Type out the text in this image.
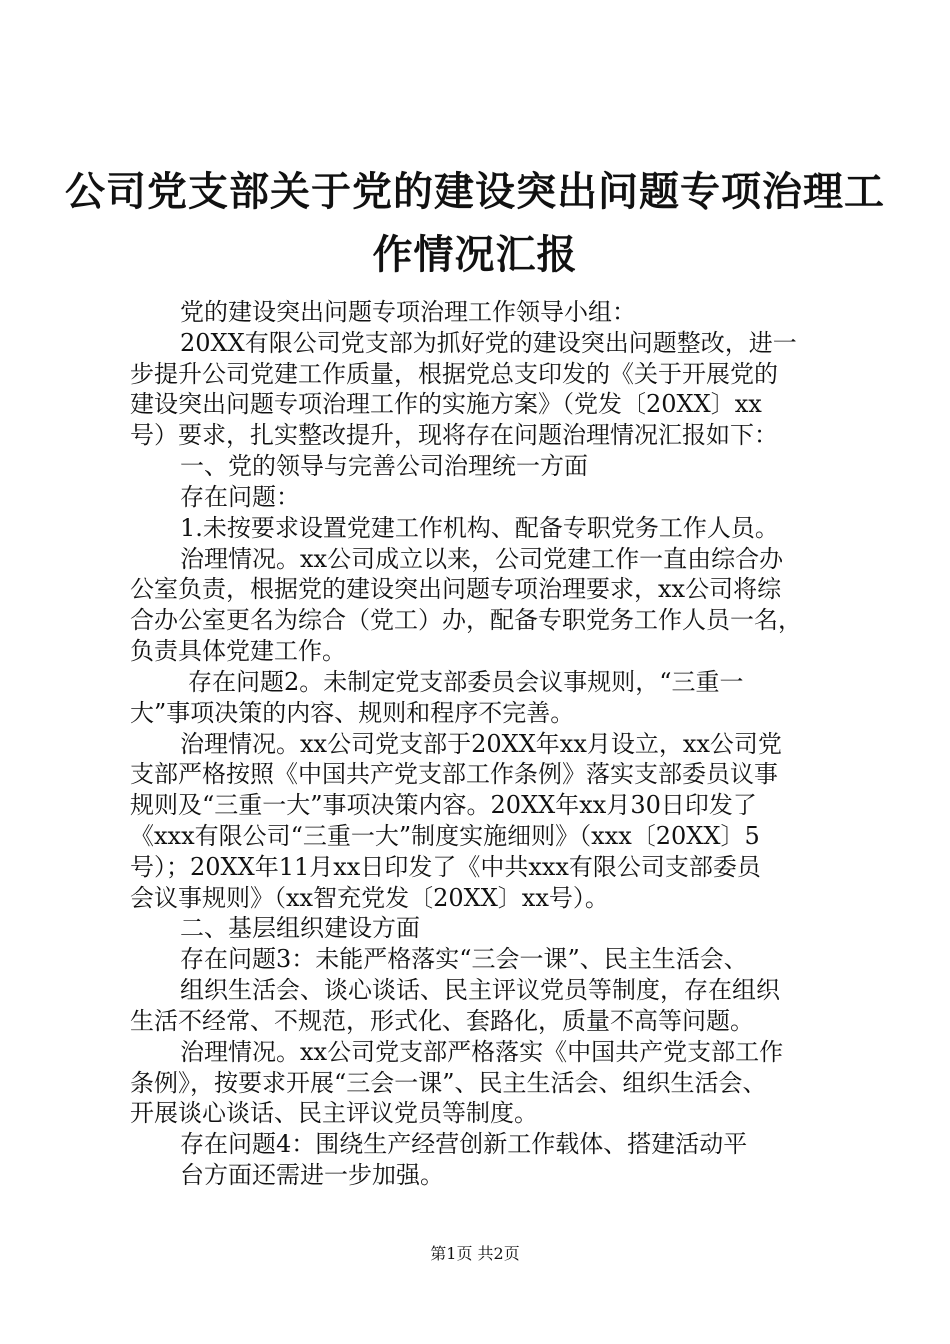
公司党支部关于党的建设突出问题专项治理工
作情况汇报
党的建设突出问题专项治理工作领导小组：
20XX有限公司党支部为抓好党的建设突出问题整改，进一
步提升公司党建工作质量，根据党总支印发的《关于开展党的
建设突出问题专项治理工作的实施方案》（党发〔20XX〕xx
号）要求，扎实整改提升，现将存在问题治理情况汇报如下：
一、党的领导与完善公司治理统一方面
存在问题：
1.未按要求设置党建工作机构、配备专职党务工作人员。
治理情况。xx公司成立以来，公司党建工作一直由综合办
公室负责，根据党的建设突出问题专项治理要求，xx公司将综
合办公室更名为综合（党工）办，配备专职党务工作人员一名，
负责具体党建工作。
存在问题2。未制定党支部委员会议事规则，“三重一
大”事项决策的内容、规则和程序不完善。
治理情况。xx公司党支部于20XX年xx月设立，xx公司党
支部严格按照《中国共产党支部工作条例》落实支部委员议事
规则及“三重一大”事项决策内容。20XX年xx月30日印发了
《xxx有限公司“三重一大”制度实施细则》（xxx〔20XX〕5
号）；20XX年11月xx日印发了《中共xxx有限公司支部委员
会议事规则》（xx智充党发〔20XX〕xx号）。
二、基层组织建设方面
存在问题3：未能严格落实“三会一课”、民主生活会、
组织生活会、谈心谈话、民主评议党员等制度，存在组织
生活不经常、不规范，形式化、套路化，质量不高等问题。
治理情况。xx公司党支部严格落实《中国共产党支部工作
条例》，按要求开展“三会一课”、民主生活会、组织生活会、
开展谈心谈话、民主评议党员等制度。
存在问题4：围绕生产经营创新工作载体、搭建活动平
台方面还需进一步加强。
第1页 共2页
